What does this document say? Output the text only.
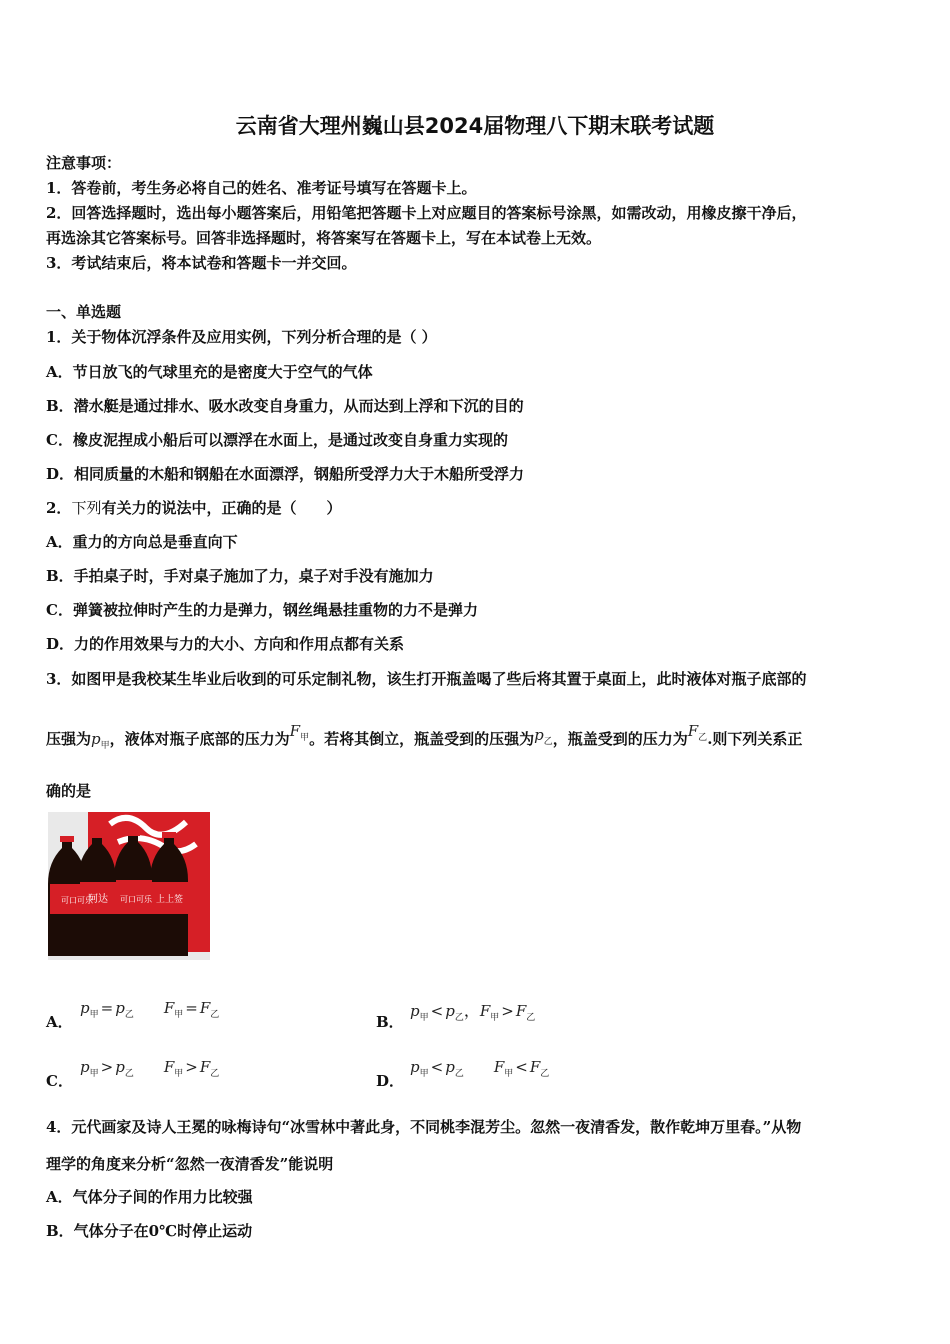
云南省大理州巍山县2024届物理八下期末联考试题
注意事项：
1．答卷前，考生务必将自己的姓名、准考证号填写在答题卡上。
2．回答选择题时，选出每小题答案后，用铅笔把答题卡上对应题目的答案标号涂黑，如需改动，用橡皮擦干净后，
再选涂其它答案标号。回答非选择题时，将答案写在答题卡上，写在本试卷上无效。
3．考试结束后，将本试卷和答题卡一并交回。
一、单选题
1．关于物体沉浮条件及应用实例，下列分析合理的是（ ）
A．节日放飞的气球里充的是密度大于空气的气体
B．潜水艇是通过排水、吸水改变自身重力，从而达到上浮和下沉的目的
C．橡皮泥捏成小船后可以漂浮在水面上，是通过改变自身重力实现的
D．相同质量的木船和钢船在水面漂浮，钢船所受浮力大于木船所受浮力
2．下列有关力的说法中，正确的是（　　）
A．重力的方向总是垂直向下
B．手拍桌子时，手对桌子施加了力，桌子对手没有施加力
C．弹簧被拉伸时产生的力是弹力，钢丝绳悬挂重物的力不是弹力
D．力的作用效果与力的大小、方向和作用点都有关系
3．如图甲是我校某生毕业后收到的可乐定制礼物，该生打开瓶盖喝了些后将其置于桌面上，此时液体对瓶子底部的
压强为$p_甲$，液体对瓶子底部的压力为$F_甲$。若将其倒立，瓶盖受到的压强为$p_乙$，瓶盖受到的压力为$F_乙$.则下列关系正
确的是
可口可乐
阿达 可口可乐 上上签
A．
$p_甲 = p_乙$ $F_甲 = F_乙$	B．
$p_甲 < p_乙$，$F_甲 > F_乙$
C．
$p_甲 > p_乙$ $F_甲 > F_乙$	D．
$p_甲 < p_乙$ $F_甲 < F_乙$
4．元代画家及诗人王冕的咏梅诗句“冰雪林中著此身，不同桃李混芳尘。忽然一夜清香发，散作乾坤万里春。”从物
理学的角度来分析“忽然一夜清香发”能说明
A．气体分子间的作用力比较强
B．气体分子在0℃时停止运动
